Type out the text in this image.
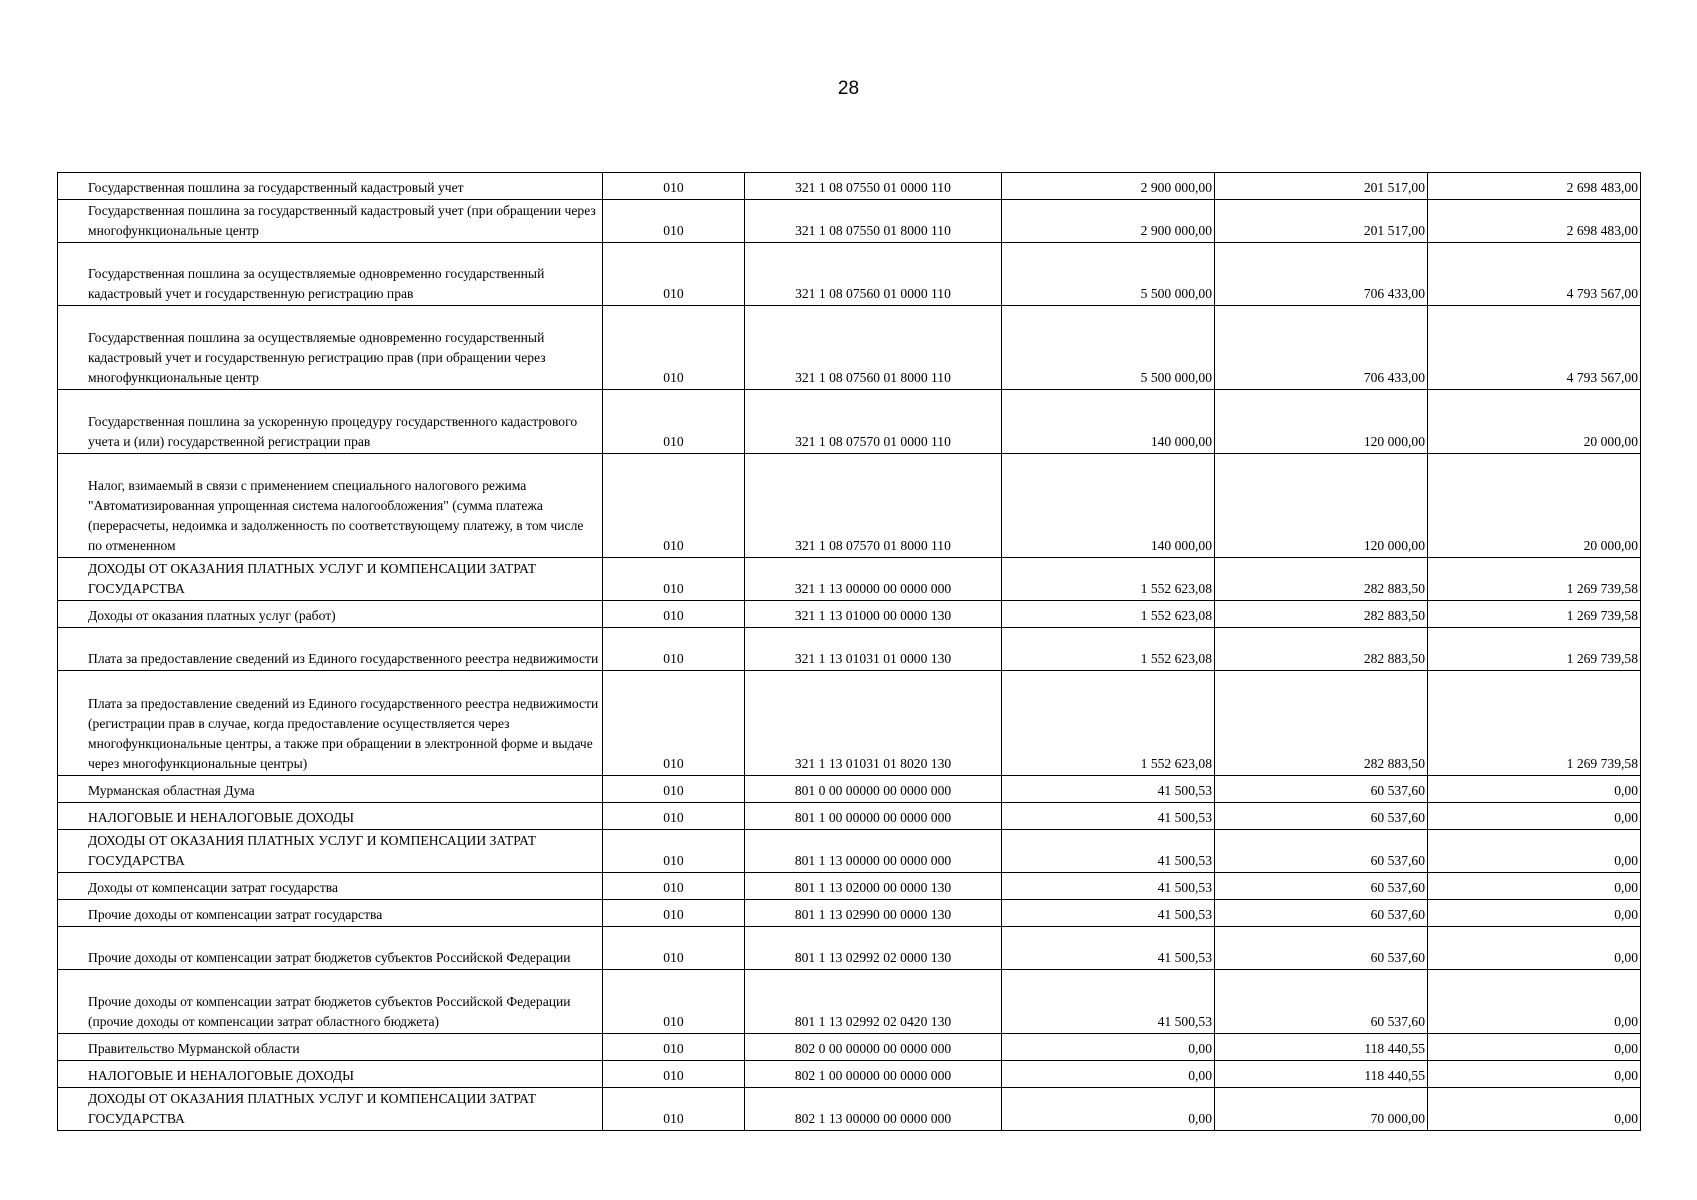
28
Государственная пошлина за государственный кадастровый учет	010	321 1 08 07550 01 0000 110	2 900 000,00	201 517,00	2 698 483,00
Государственная пошлина за государственный кадастровый учет (при обращении через многофункциональные центр	010	321 1 08 07550 01 8000 110	2 900 000,00	201 517,00	2 698 483,00
Государственная пошлина за осуществляемые одновременно государственный кадастровый учет и государственную регистрацию прав	010	321 1 08 07560 01 0000 110	5 500 000,00	706 433,00	4 793 567,00
Государственная пошлина за осуществляемые одновременно государственный кадастровый учет и государственную регистрацию прав (при обращении через многофункциональные центр	010	321 1 08 07560 01 8000 110	5 500 000,00	706 433,00	4 793 567,00
Государственная пошлина за ускоренную процедуру государственного кадастрового учета и (или) государственной регистрации прав	010	321 1 08 07570 01 0000 110	140 000,00	120 000,00	20 000,00
Налог, взимаемый в связи с применением специального налогового режима "Автоматизированная упрощенная система налогообложения" (сумма платежа (перерасчеты, недоимка и задолженность по соответствующему платежу, в том числе по отмененном	010	321 1 08 07570 01 8000 110	140 000,00	120 000,00	20 000,00
ДОХОДЫ ОТ ОКАЗАНИЯ ПЛАТНЫХ УСЛУГ И КОМПЕНСАЦИИ ЗАТРАТ ГОСУДАРСТВА	010	321 1 13 00000 00 0000 000	1 552 623,08	282 883,50	1 269 739,58
Доходы от оказания платных услуг (работ)	010	321 1 13 01000 00 0000 130	1 552 623,08	282 883,50	1 269 739,58
Плата за предоставление сведений из Единого государственного реестра недвижимости	010	321 1 13 01031 01 0000 130	1 552 623,08	282 883,50	1 269 739,58
Плата за предоставление сведений из Единого государственного реестра недвижимости (регистрации прав в случае, когда предоставление осуществляется через многофункциональные центры, а также при обращении в электронной форме и выдаче через многофункциональные центры)	010	321 1 13 01031 01 8020 130	1 552 623,08	282 883,50	1 269 739,58
Мурманская областная Дума	010	801 0 00 00000 00 0000 000	41 500,53	60 537,60	0,00
НАЛОГОВЫЕ И НЕНАЛОГОВЫЕ ДОХОДЫ	010	801 1 00 00000 00 0000 000	41 500,53	60 537,60	0,00
ДОХОДЫ ОТ ОКАЗАНИЯ ПЛАТНЫХ УСЛУГ И КОМПЕНСАЦИИ ЗАТРАТ ГОСУДАРСТВА	010	801 1 13 00000 00 0000 000	41 500,53	60 537,60	0,00
Доходы от компенсации затрат государства	010	801 1 13 02000 00 0000 130	41 500,53	60 537,60	0,00
Прочие доходы от компенсации затрат государства	010	801 1 13 02990 00 0000 130	41 500,53	60 537,60	0,00
Прочие доходы от компенсации затрат бюджетов субъектов Российской Федерации	010	801 1 13 02992 02 0000 130	41 500,53	60 537,60	0,00
Прочие доходы от компенсации затрат бюджетов субъектов Российской Федерации (прочие доходы от компенсации затрат областного бюджета)	010	801 1 13 02992 02 0420 130	41 500,53	60 537,60	0,00
Правительство Мурманской области	010	802 0 00 00000 00 0000 000	0,00	118 440,55	0,00
НАЛОГОВЫЕ И НЕНАЛОГОВЫЕ ДОХОДЫ	010	802 1 00 00000 00 0000 000	0,00	118 440,55	0,00
ДОХОДЫ ОТ ОКАЗАНИЯ ПЛАТНЫХ УСЛУГ И КОМПЕНСАЦИИ ЗАТРАТ ГОСУДАРСТВА	010	802 1 13 00000 00 0000 000	0,00	70 000,00	0,00
